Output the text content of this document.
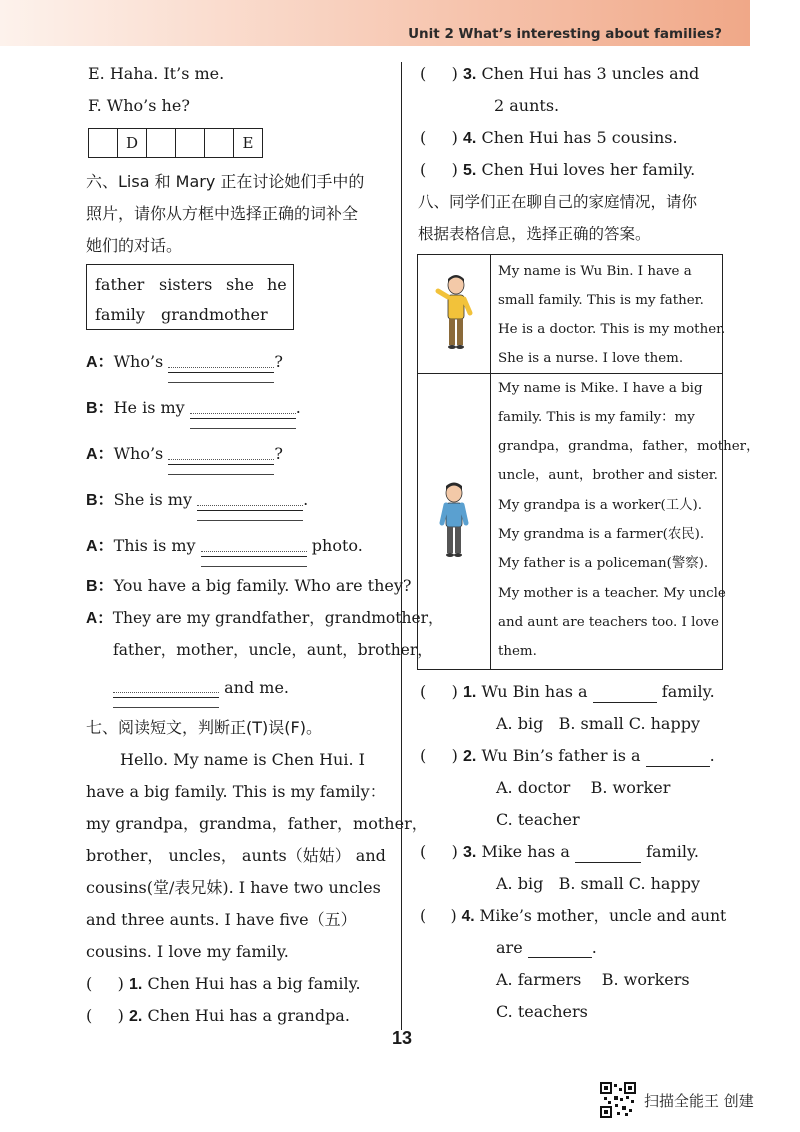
Unit 2 What’s interesting about families?
E. Haha. It’s me.
F. Who’s he?
	D				E
六、Lisa 和 Mary 正在讨论她们手中的
照片，请你从方框中选择正确的词补全
她们的对话。
father sisters she he
family grandmother
A：Who’s	?
B：He is my	.
A：Who’s	?
B：She is my	.
A：This is my	photo.
B：You have a big family. Who are they?
A：They are my grandfather，grandmother，
father，mother，uncle，aunt，brother，
and me.
七、阅读短文，判断正(T)误(F)。
Hello. My name is Chen Hui. I
have a big family. This is my family：
my grandpa，grandma，father，mother，
brother， uncles， aunts（姑姑） and
cousins(堂/表兄妹). I have two uncles
and three aunts. I have five（五）
cousins. I love my family.
(     ) 1. Chen Hui has a big family.
(     ) 2. Chen Hui has a grandpa.
(     ) 3. Chen Hui has 3 uncles and
2 aunts.
(     ) 4. Chen Hui has 5 cousins.
(     ) 5. Chen Hui loves her family.
八、同学们正在聊自己的家庭情况，请你
根据表格信息，选择正确的答案。
My name is Wu Bin. I have a
small family. This is my father.
He is a doctor. This is my mother.
She is a nurse. I love them.
My name is Mike. I have a big
family. This is my family：my
grandpa，grandma，father，mother，
uncle，aunt，brother and sister.
My grandpa is a worker(工人).
My grandma is a farmer(农民).
My father is a policeman(警察).
My mother is a teacher. My uncle
and aunt are teachers too. I love
them.
(     ) 1. Wu Bin has a	family.
A. big B. small C. happy
(     ) 2. Wu Bin’s father is a	.
A. doctor B. worker
C. teacher
(     ) 3. Mike has a	family.
A. big B. small C. happy
(     ) 4. Mike’s mother，uncle and aunt
are	.
A. farmers B. workers
C. teachers
13
扫描全能王 创建
